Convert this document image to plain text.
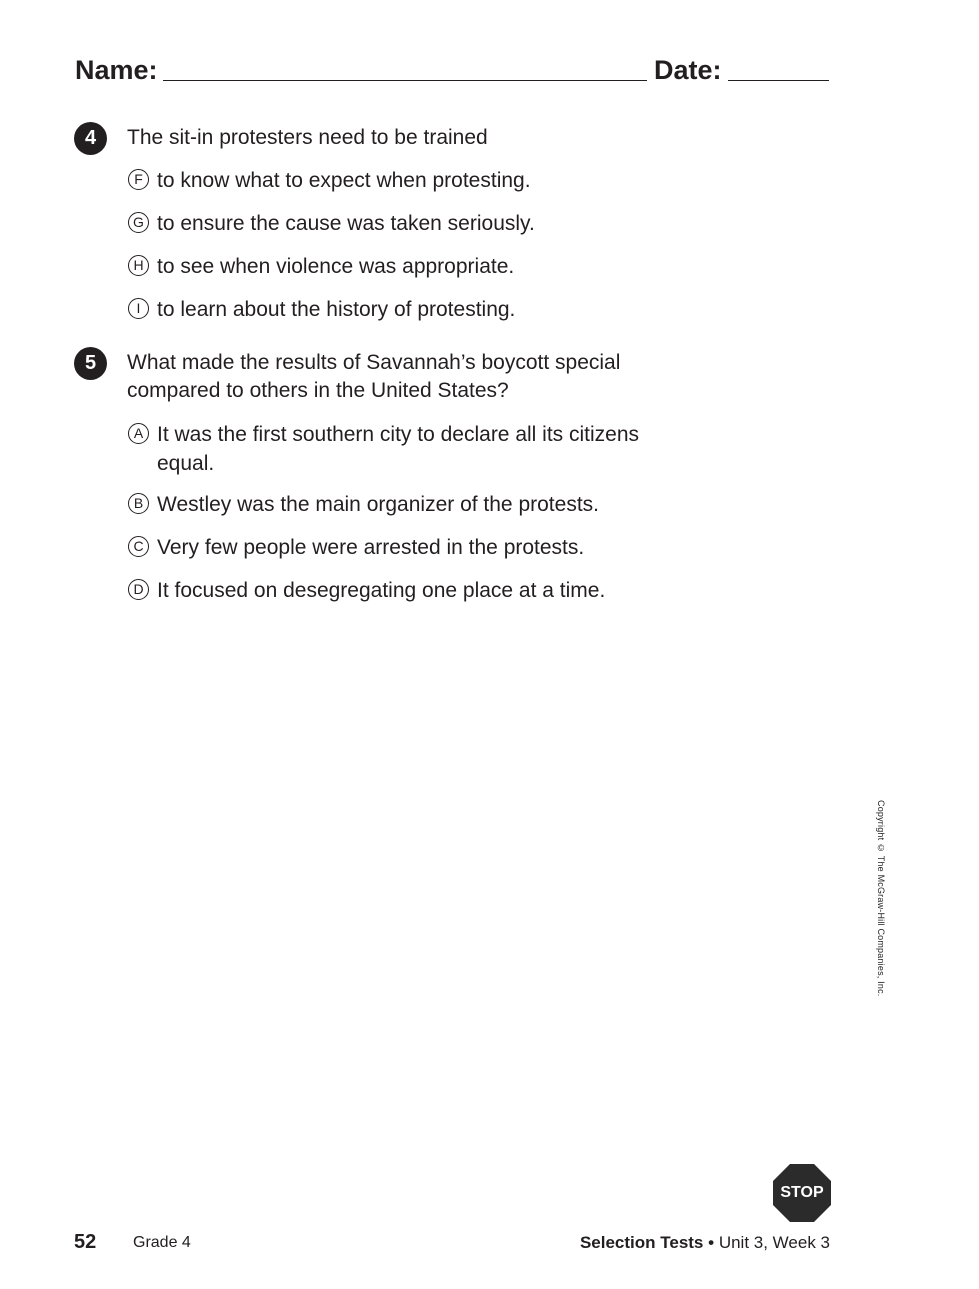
Name:	Date:
4	The sit-in protesters need to be trained
F to know what to expect when protesting.
G to ensure the cause was taken seriously.
H to see when violence was appropriate.
I to learn about the history of protesting.
5	What made the results of Savannah’s boycott special compared to others in the United States?
A It was the first southern city to declare all its citizens equal.
B Westley was the main organizer of the protests.
C Very few people were arrested in the protests.
D It focused on desegregating one place at a time.
Copyright © The McGraw-Hill Companies, Inc.
STOP
52 Grade 4	Selection Tests • Unit 3, Week 3
